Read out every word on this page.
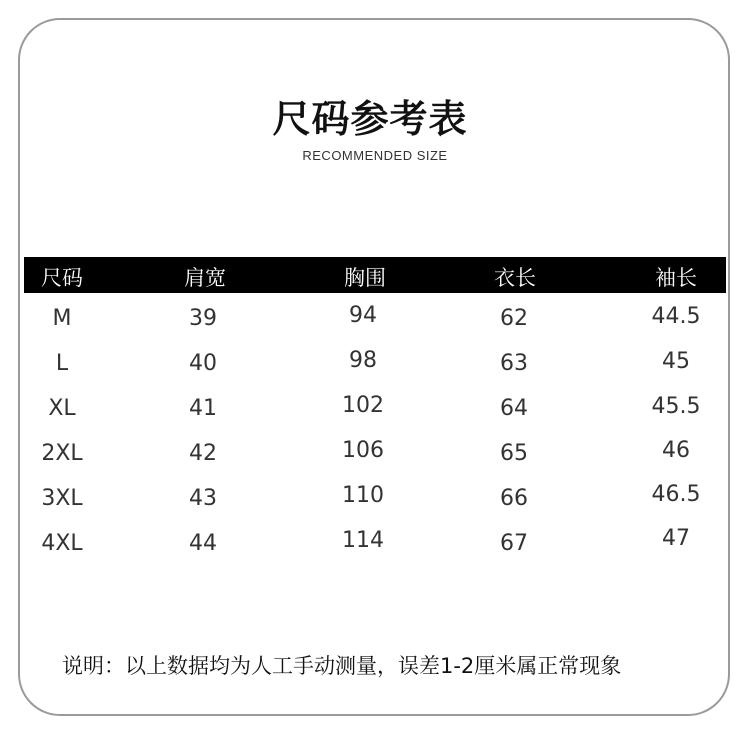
尺码参考表
RECOMMENDED SIZE
尺码	肩宽	胸围	衣长	袖长
M	39	94	62	44.5
L	40	98	63	45
XL	41	102	64	45.5
2XL	42	106	65	46
3XL	43	110	66	46.5
4XL	44	114	67	47
说明：以上数据均为人工手动测量，误差1-2厘米属正常现象
